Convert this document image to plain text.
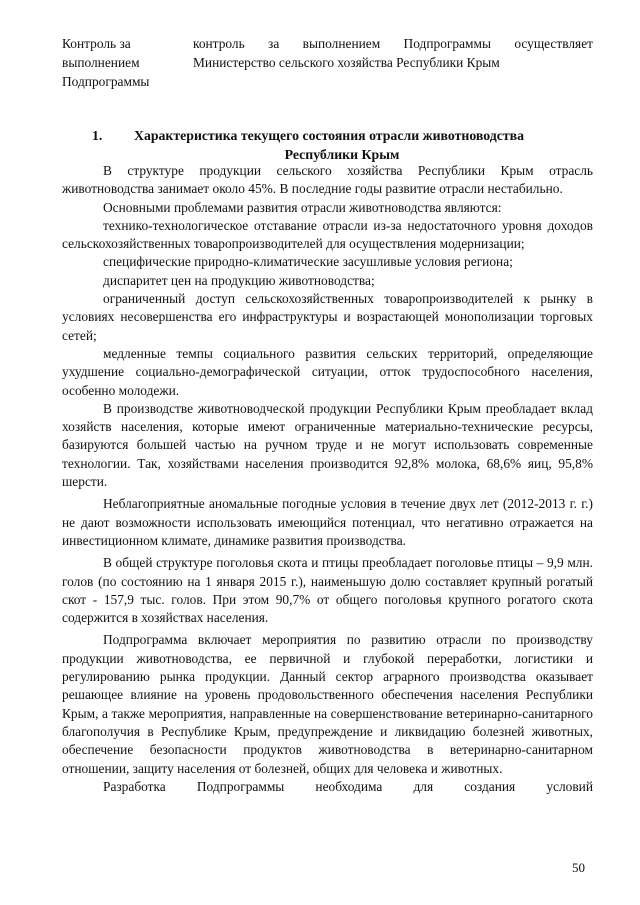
Контроль за выполнением Подпрограммы

контроль за выполнением Подпрограммы осуществляет

Министерство сельского хозяйства Республики Крым

1. Характеристика текущего состояния отрасли животноводства
Республики Крым

В структуре продукции сельского хозяйства Республики Крым отрасль животноводства занимает около 45%. В последние годы развитие отрасли нестабильно.

Основными проблемами развития отрасли животноводства являются:

технико-технологическое отставание отрасли из-за недостаточного уровня доходов сельскохозяйственных товаропроизводителей для осуществления модернизации;

специфические природно-климатические засушливые условия региона;

диспаритет цен на продукцию животноводства;

ограниченный доступ сельскохозяйственных товаропроизводителей к рынку в условиях несовершенства его инфраструктуры и возрастающей монополизации торговых сетей;

медленные темпы социального развития сельских территорий, определяющие ухудшение социально-демографической ситуации, отток трудоспособного населения, особенно молодежи.

В производстве животноводческой продукции Республики Крым преобладает вклад хозяйств населения, которые имеют ограниченные материально-технические ресурсы, базируются большей частью на ручном труде и не могут использовать современные технологии. Так, хозяйствами населения производится 92,8% молока, 68,6% яиц, 95,8% шерсти.

Неблагоприятные аномальные погодные условия в течение двух лет (2012-2013 г. г.) не дают возможности использовать имеющийся потенциал, что негативно отражается на инвестиционном климате, динамике развития производства.

В общей структуре поголовья скота и птицы преобладает поголовье птицы – 9,9 млн. голов (по состоянию на 1 января 2015 г.), наименьшую долю составляет крупный рогатый скот - 157,9 тыс. голов. При этом 90,7% от общего поголовья крупного рогатого скота содержится в хозяйствах населения.

Подпрограмма включает мероприятия по развитию отрасли по производству продукции животноводства, ее первичной и глубокой переработки, логистики и регулированию рынка продукции. Данный сектор аграрного производства оказывает решающее влияние на уровень продовольственного обеспечения населения Республики Крым, а также мероприятия, направленные на совершенствование ветеринарно-санитарного благополучия в Республике Крым, предупреждение и ликвидацию болезней животных, обеспечение безопасности продуктов животноводства в ветеринарно-санитарном отношении, защиту населения от болезней, общих для человека и животных.

Разработка Подпрограммы необходима для создания условий

50
